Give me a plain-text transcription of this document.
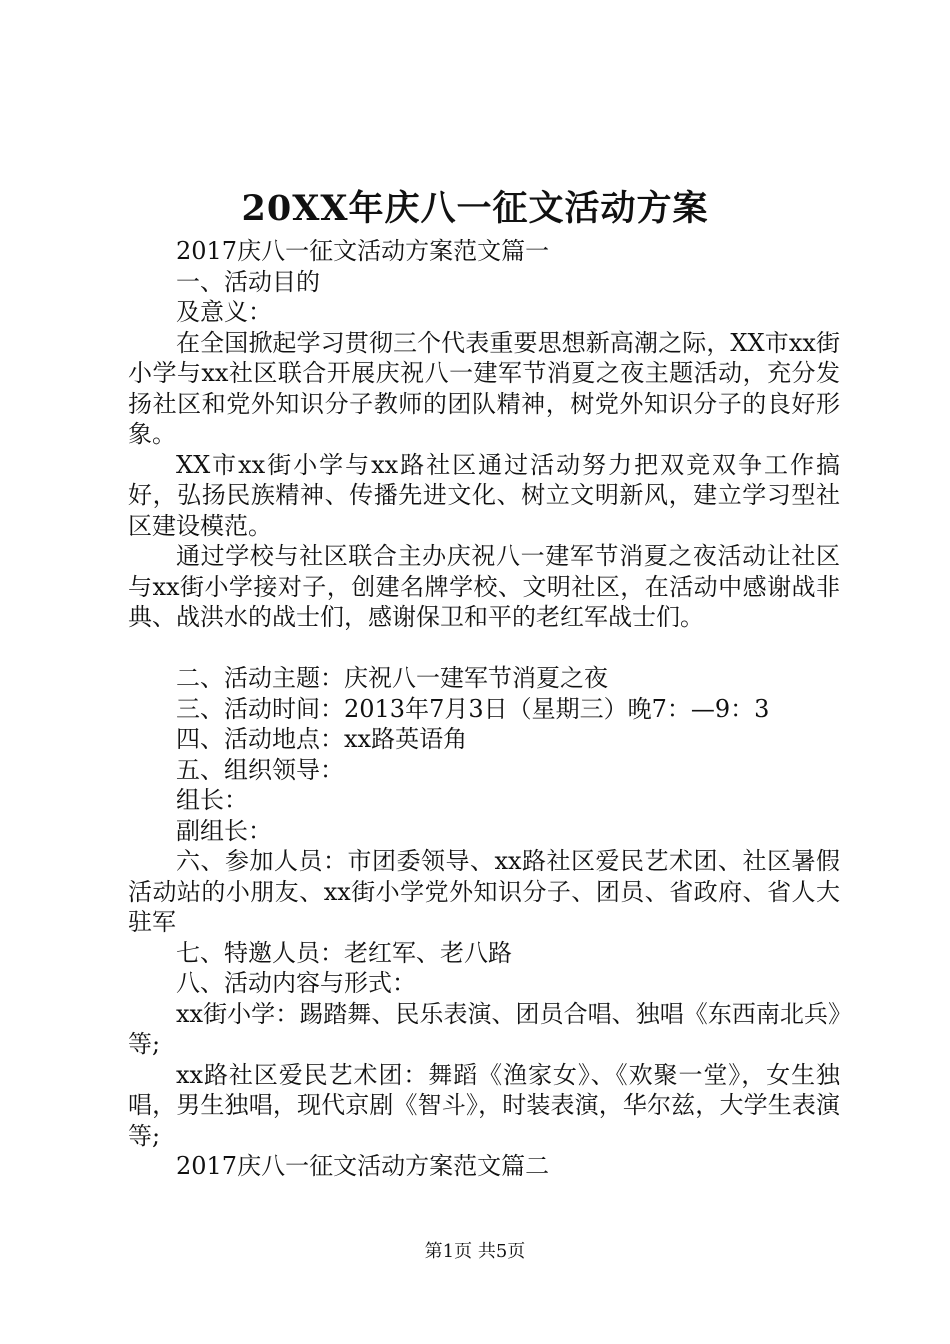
20XX年庆八一征文活动方案

2017庆八一征文活动方案范文篇一

一、活动目的

及意义：

在全国掀起学习贯彻三个代表重要思想新高潮之际，XX市xx街小学与xx社区联合开展庆祝八一建军节消夏之夜主题活动，充分发扬社区和党外知识分子教师的团队精神，树党外知识分子的良好形象。

XX市xx街小学与xx路社区通过活动努力把双竞双争工作搞好，弘扬民族精神、传播先进文化、树立文明新风，建立学习型社区建设模范。

通过学校与社区联合主办庆祝八一建军节消夏之夜活动让社区与xx街小学接对子，创建名牌学校、文明社区，在活动中感谢战非典、战洪水的战士们，感谢保卫和平的老红军战士们。

二、活动主题：庆祝八一建军节消夏之夜

三、活动时间：2013年7月3日（星期三）晚7：—9：3

四、活动地点：xx路英语角

五、组织领导：

组长：

副组长：

六、参加人员：市团委领导、xx路社区爱民艺术团、社区暑假活动站的小朋友、xx街小学党外知识分子、团员、省政府、省人大驻军

七、特邀人员：老红军、老八路

八、活动内容与形式：

xx街小学：踢踏舞、民乐表演、团员合唱、独唱《东西南北兵》等;

xx路社区爱民艺术团：舞蹈《渔家女》、《欢聚一堂》，女生独唱，男生独唱，现代京剧《智斗》，时装表演，华尔兹，大学生表演等;

2017庆八一征文活动方案范文篇二

第1页 共5页
